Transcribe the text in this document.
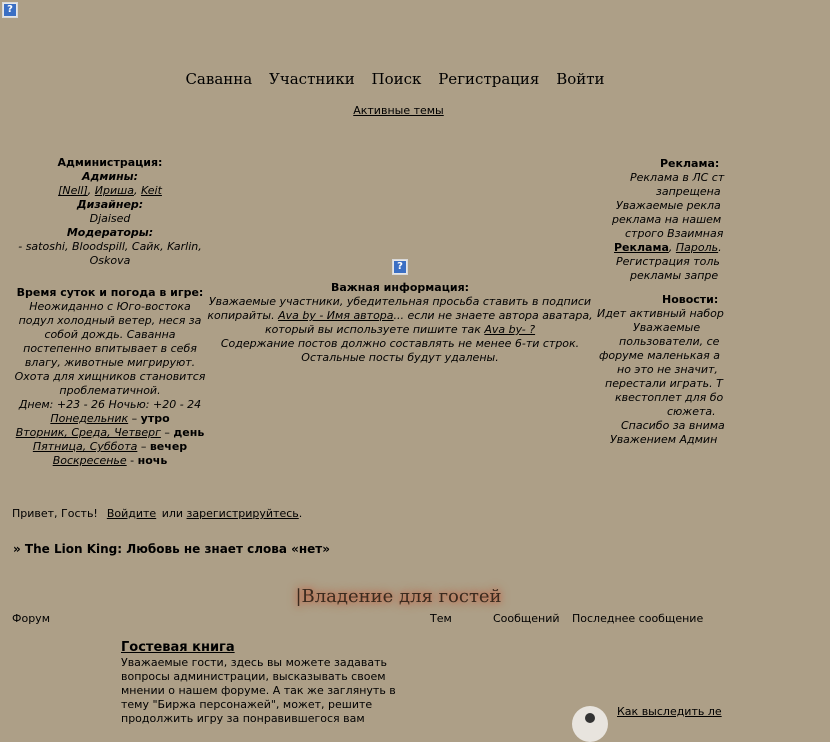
?
?
Саванна Участники Поиск Регистрация Войти
Активные темы
Администрация:
Админы:
[Nell], Ириша, Keit
Дизайнер:
Djaised
Модераторы:
- satoshi, Bloodspill, Сайк, Karlin, Oskova
Время суток и погода в игре:
Неожиданно с Юго-востока подул холодный ветер, неся за собой дождь. Саванна постепенно впитывает в себя влагу, животные мигрируют. Охота для хищников становится проблематичной.
Днем: +23 - 26 Ночью: +20 - 24
Понедельник – утро
Вторник, Среда, Четверг – день
Пятница, Суббота – вечер
Воскресенье - ночь
Важная информация:
Уважаемые участники, убедительная просьба ставить в подписи копирайты. Ava by - Имя автора... если не знаете автора аватара, который вы используете пишите так Ava by- ?
Содержание постов должно составлять не менее 6-ти строк. Остальные посты будут удалены.
Реклама:
Реклама в ЛС ст
запрещена
Уважаемые рекла
реклама на нашем
строго Взаимная
Реклама, Пароль.
Регистрация толь
рекламы запре
Новости:
Идет активный набор
Уважаемые
пользователи, се
форуме маленькая а
но это не значит,
перестали играть. Т
квестоплет для бо
сюжета.
Спасибо за внима
Уважением Админ
Привет, Гость! Войдите или зарегистрируйтесь.
» The Lion King: Любовь не знает слова «нет»
|Владение для гостей
Форум	Тем	Сообщений Последнее сообщение
Гостевая книга
Уважаемые гости, здесь вы можете задавать вопросы администрации, высказывать своем мнении о нашем форуме. А так же заглянуть в тему "Биржа персонажей", может, решите продолжить игру за понравившегося вам
Как выследить ле
